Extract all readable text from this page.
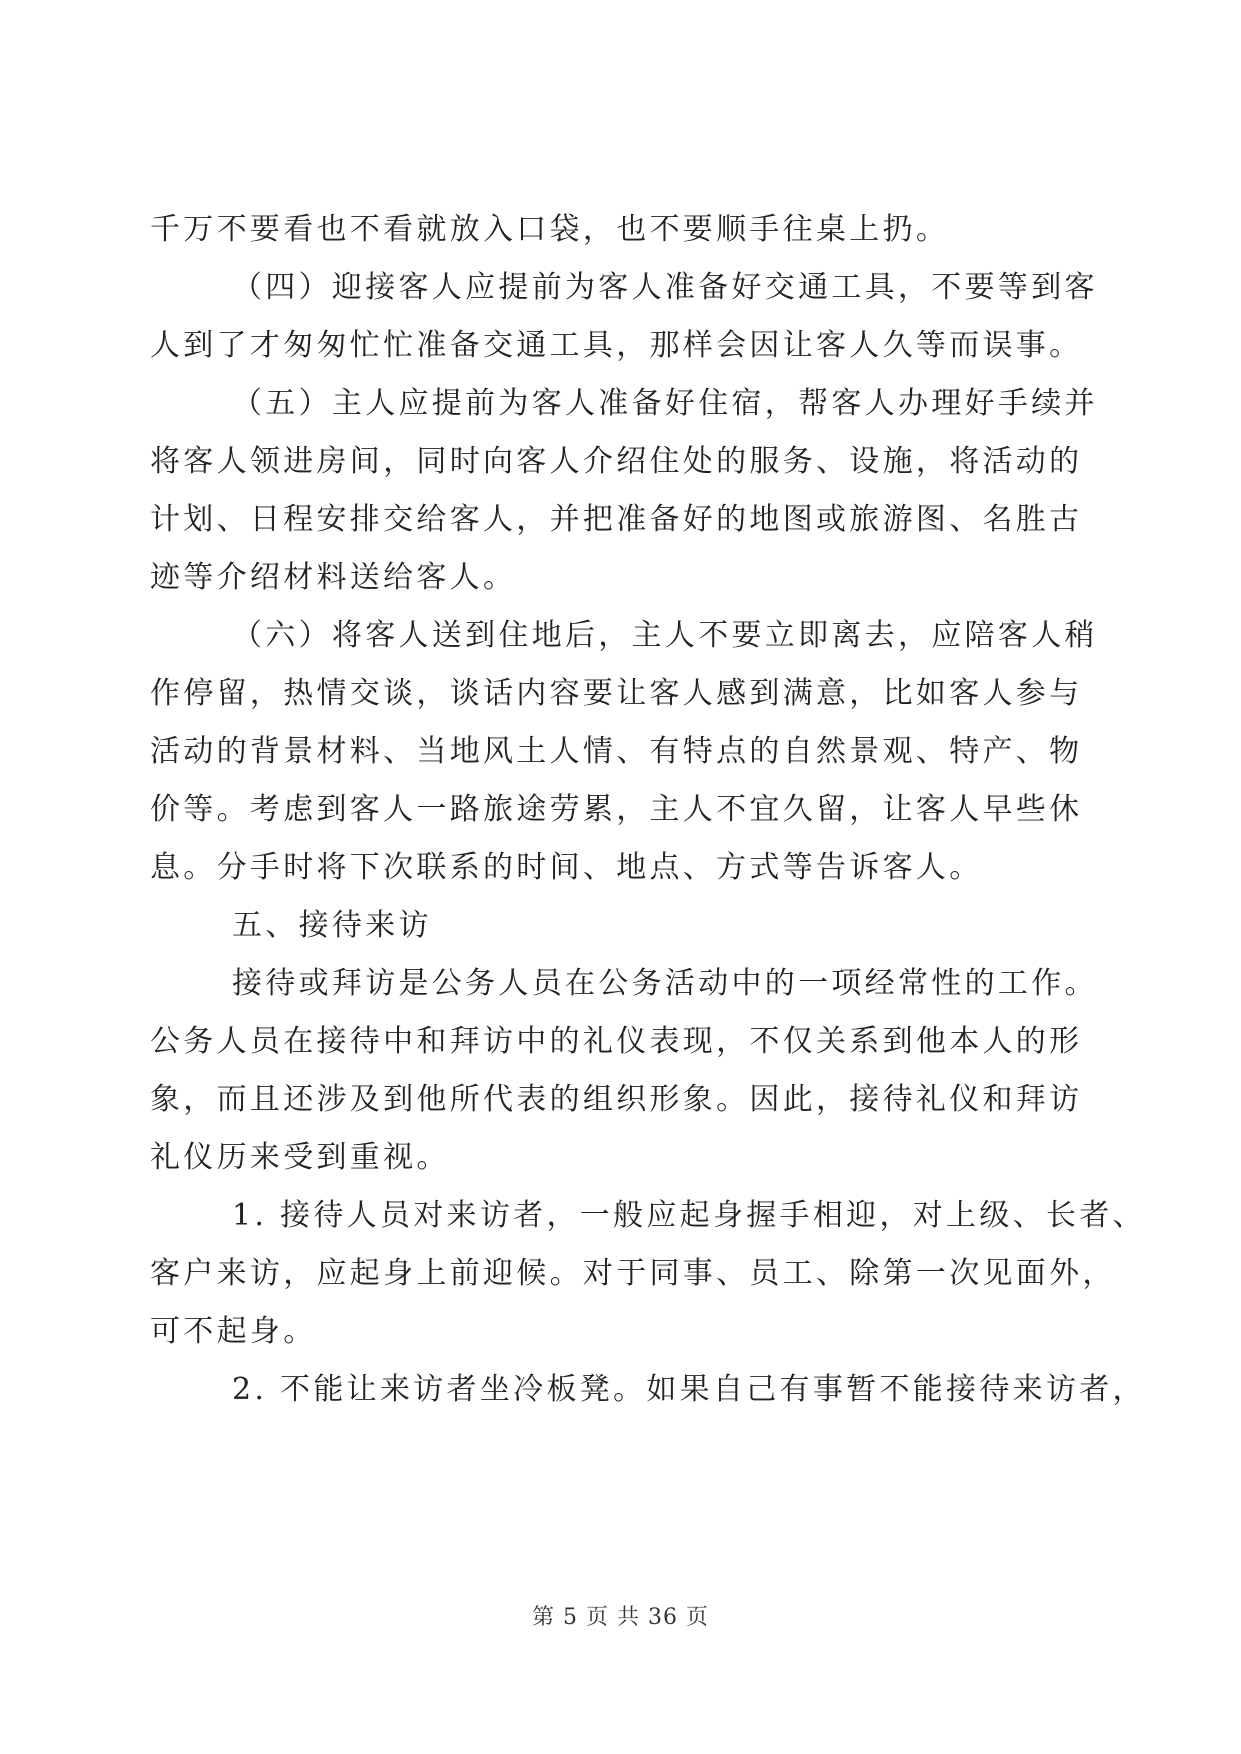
千万不要看也不看就放入口袋，也不要顺手往桌上扔。
（四）迎接客人应提前为客人准备好交通工具，不要等到客
人到了才匆匆忙忙准备交通工具，那样会因让客人久等而误事。
（五）主人应提前为客人准备好住宿，帮客人办理好手续并
将客人领进房间，同时向客人介绍住处的服务、设施，将活动的
计划、日程安排交给客人，并把准备好的地图或旅游图、名胜古
迹等介绍材料送给客人。
（六）将客人送到住地后，主人不要立即离去，应陪客人稍
作停留，热情交谈，谈话内容要让客人感到满意，比如客人参与
活动的背景材料、当地风土人情、有特点的自然景观、特产、物
价等。考虑到客人一路旅途劳累，主人不宜久留，让客人早些休
息。分手时将下次联系的时间、地点、方式等告诉客人。
五、接待来访
接待或拜访是公务人员在公务活动中的一项经常性的工作。
公务人员在接待中和拜访中的礼仪表现，不仅关系到他本人的形
象，而且还涉及到他所代表的组织形象。因此，接待礼仪和拜访
礼仪历来受到重视。
1. 接待人员对来访者，一般应起身握手相迎，对上级、长者、
客户来访，应起身上前迎候。对于同事、员工、除第一次见面外，
可不起身。
2. 不能让来访者坐冷板凳。如果自己有事暂不能接待来访者，
第 5 页 共 36 页
